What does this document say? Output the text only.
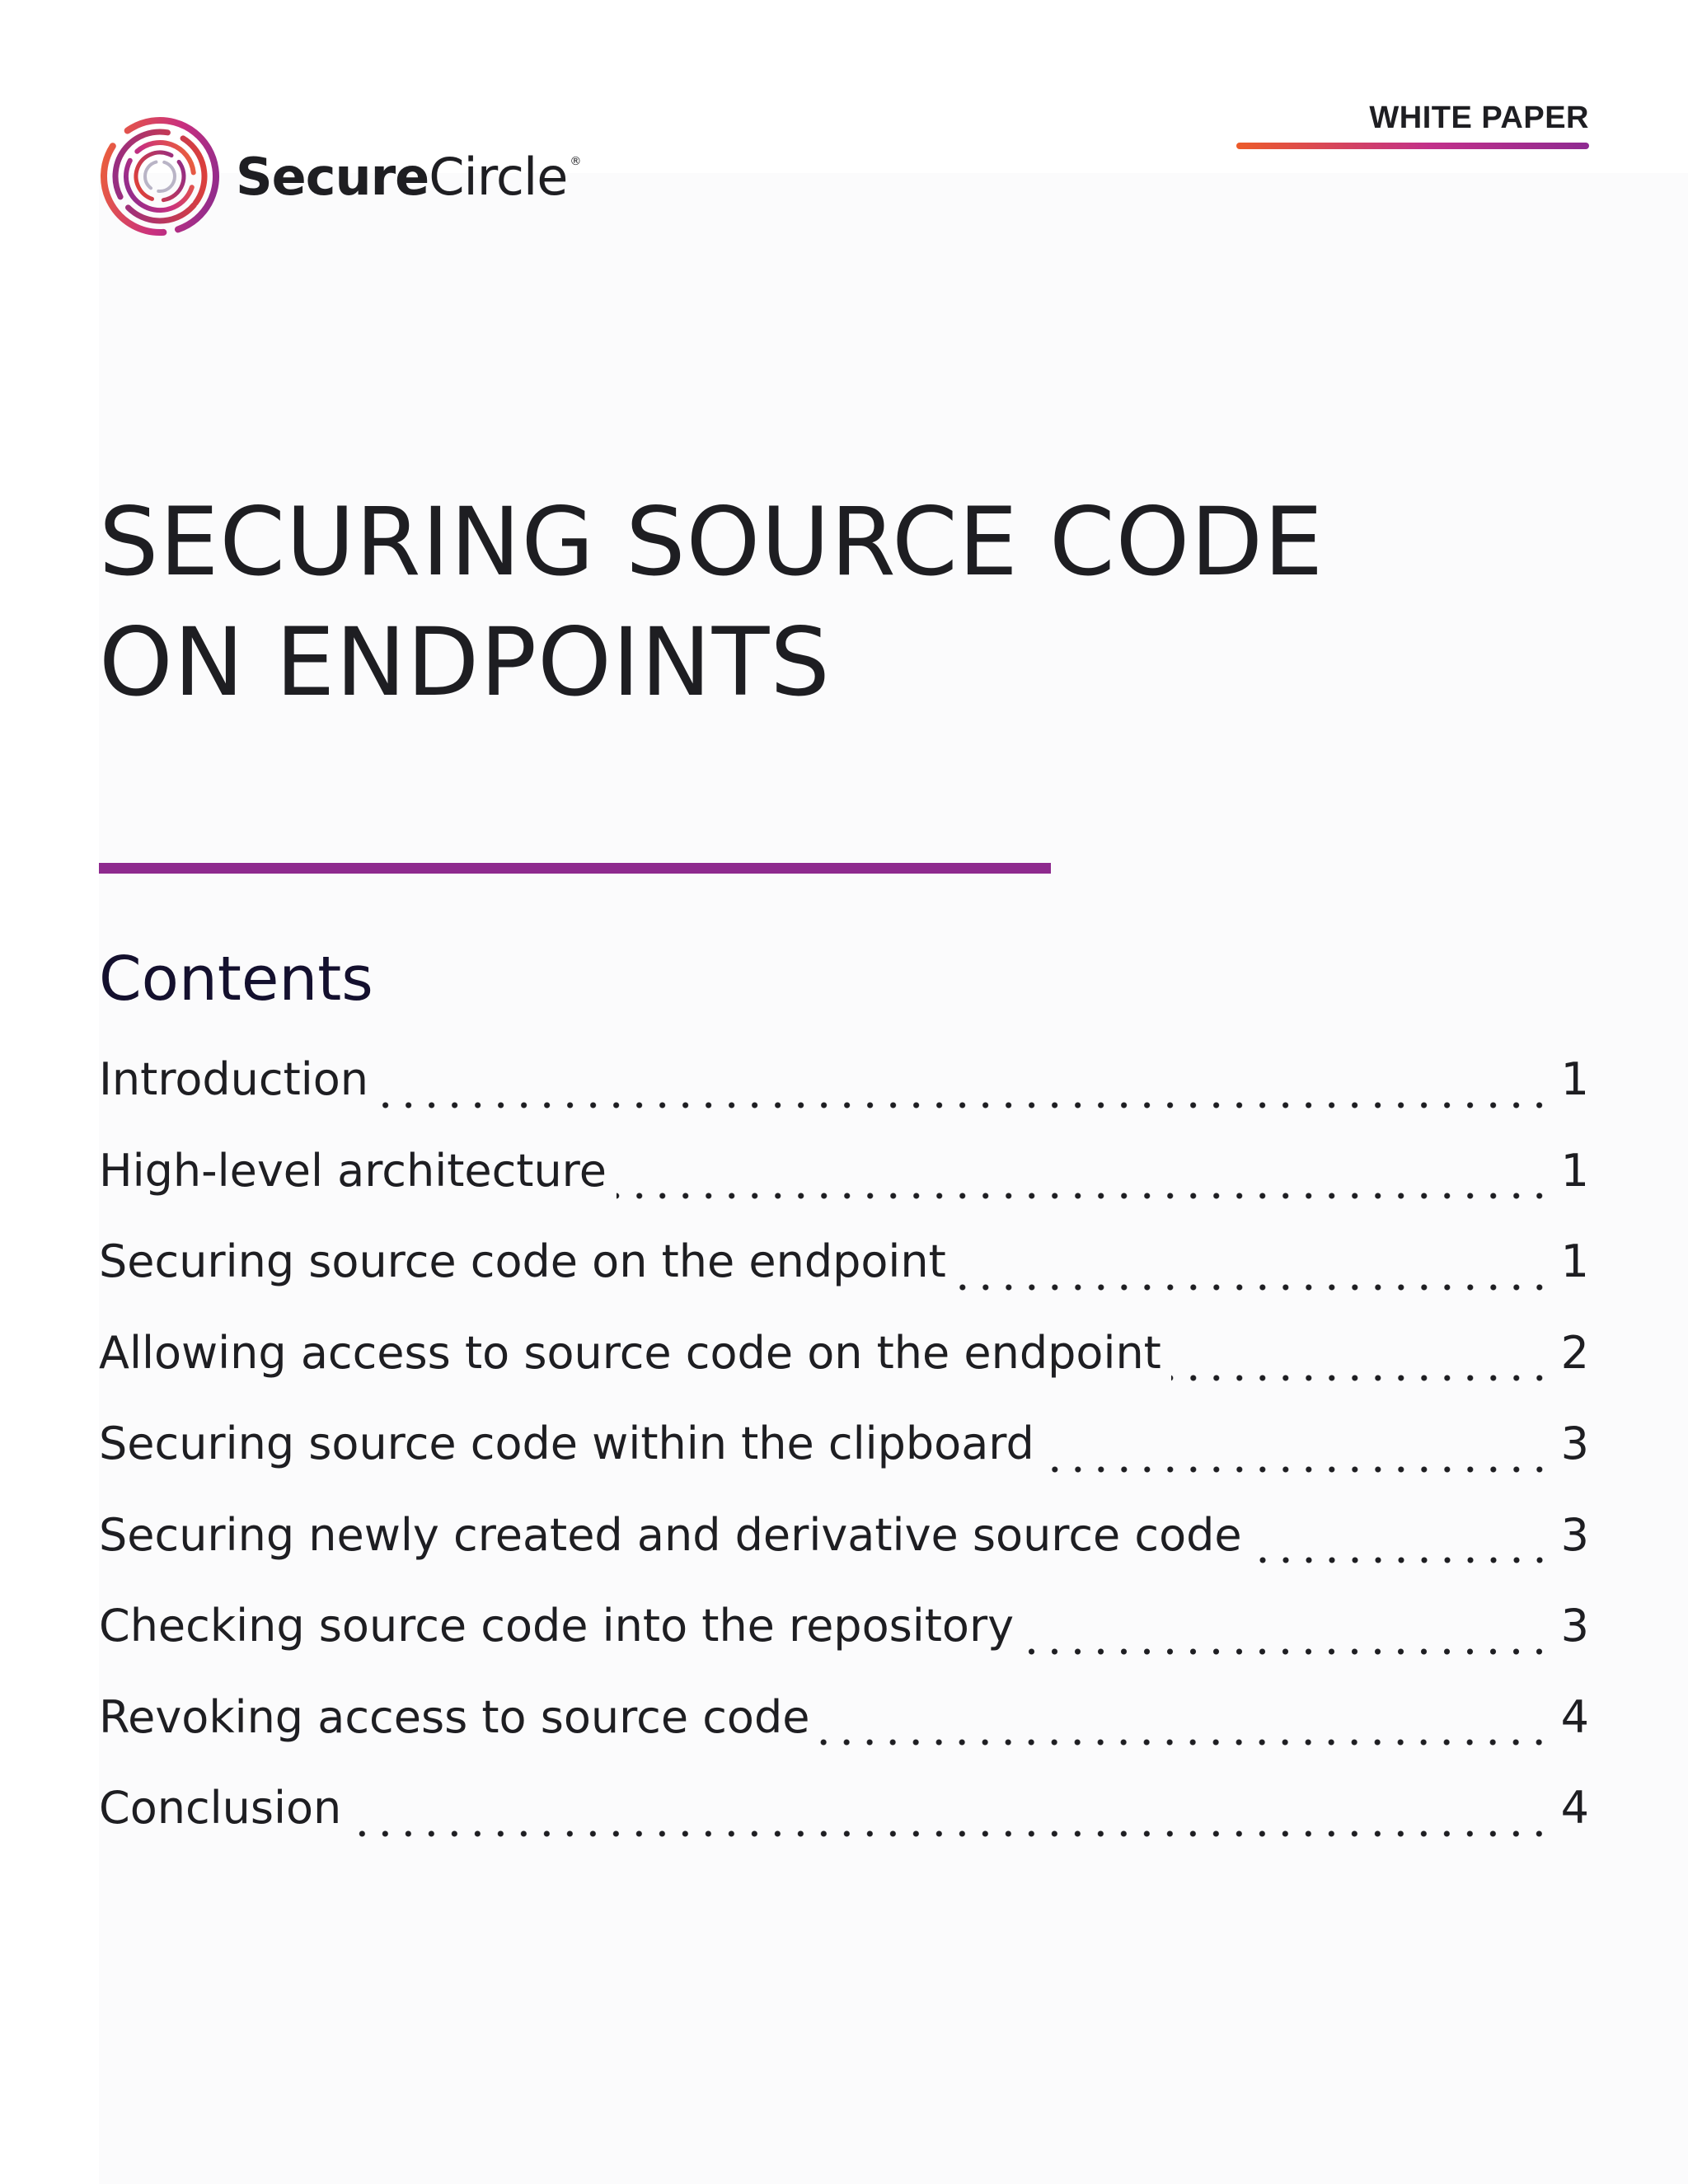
Secure Circle ®
WHITE PAPER
SECURING SOURCE CODE
ON ENDPOINTS
Contents
Introduction	1
High-level architecture	1
Securing source code on the endpoint	1
Allowing access to source code on the endpoint	2
Securing source code within the clipboard	3
Securing newly created and derivative source code	3
Checking source code into the repository	3
Revoking access to source code	4
Conclusion	4
